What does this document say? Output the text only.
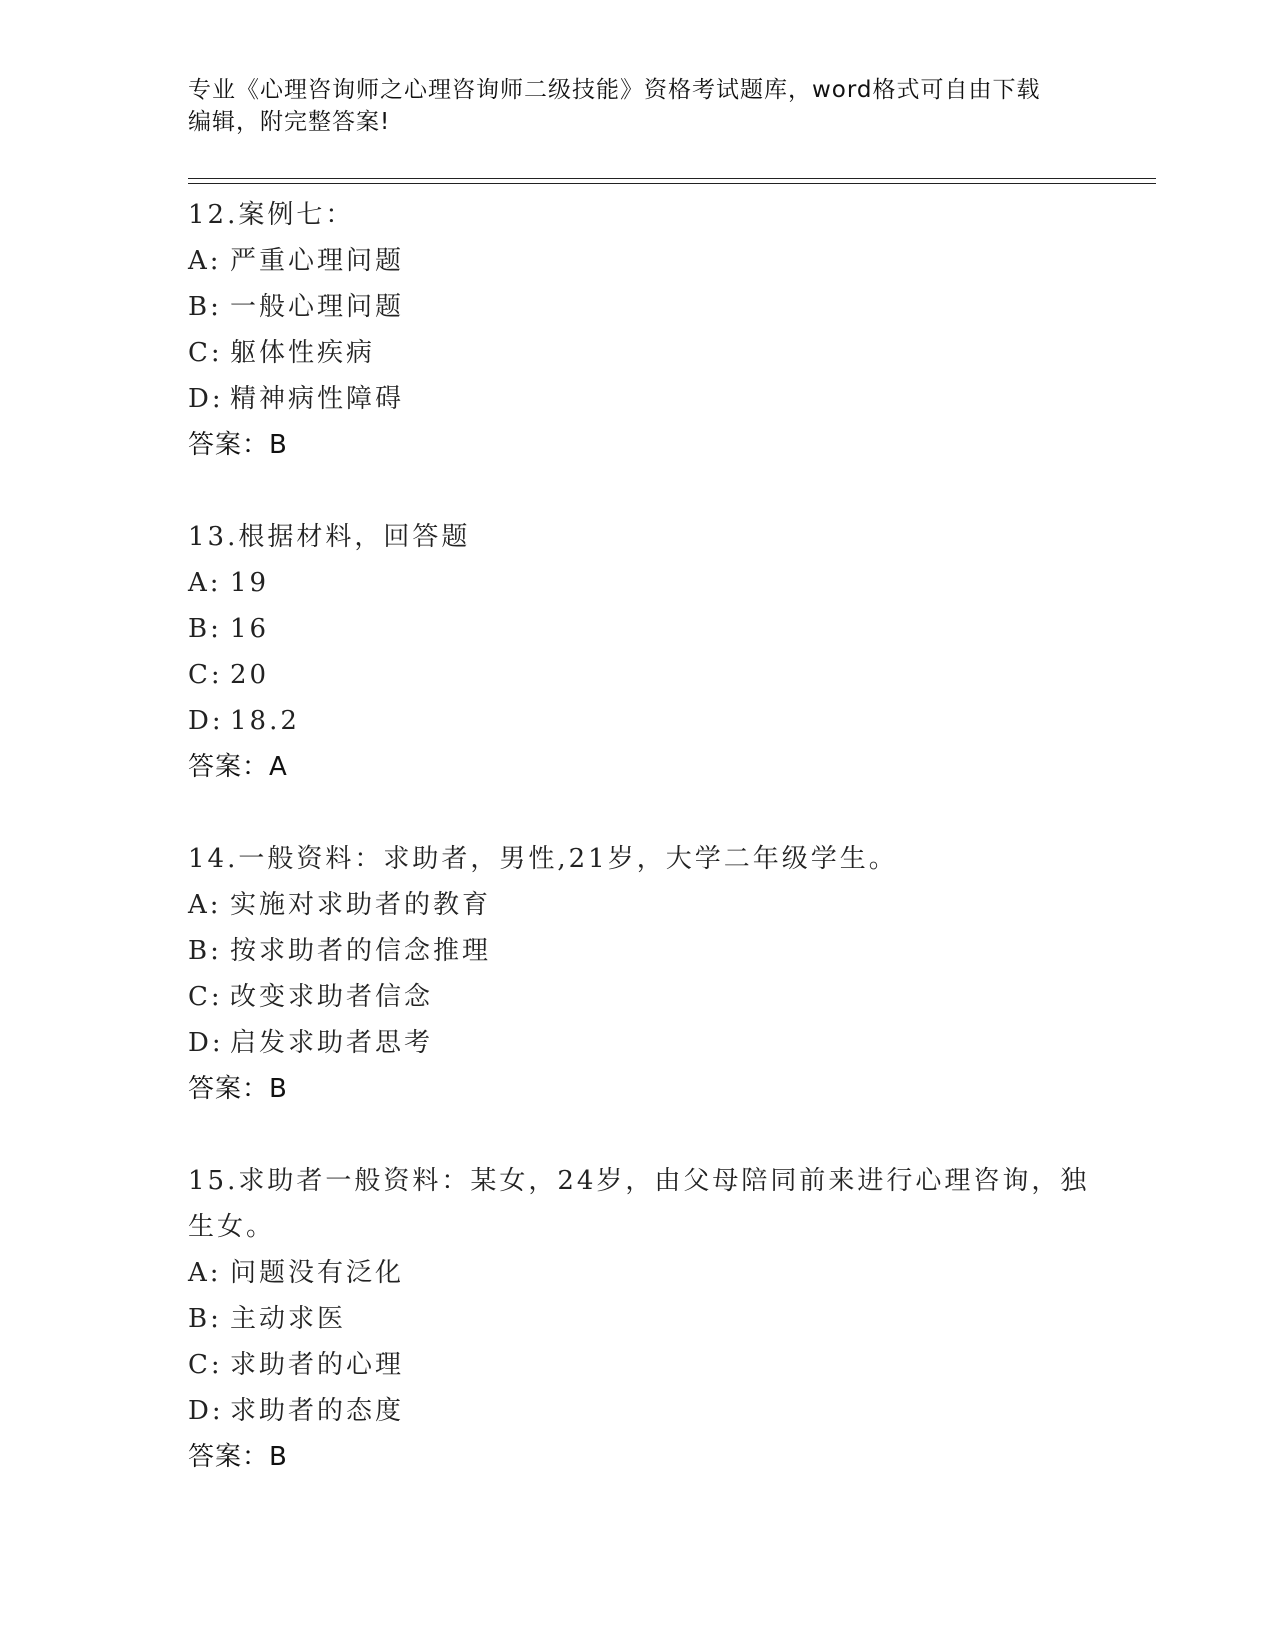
专业《心理咨询师之心理咨询师二级技能》资格考试题库，word格式可自由下载
编辑，附完整答案!
12.案例七：
A: 严重心理问题
B: 一般心理问题
C: 躯体性疾病
D: 精神病性障碍
答案：B
13.根据材料，回答题
A: 19
B: 16
C: 20
D: 18.2
答案：A
14.一般资料：求助者，男性,21岁，大学二年级学生。
A: 实施对求助者的教育
B: 按求助者的信念推理
C: 改变求助者信念
D: 启发求助者思考
答案：B
15.求助者一般资料：某女，24岁，由父母陪同前来进行心理咨询，独
生女。
A: 问题没有泛化
B: 主动求医
C: 求助者的心理
D: 求助者的态度
答案：B
